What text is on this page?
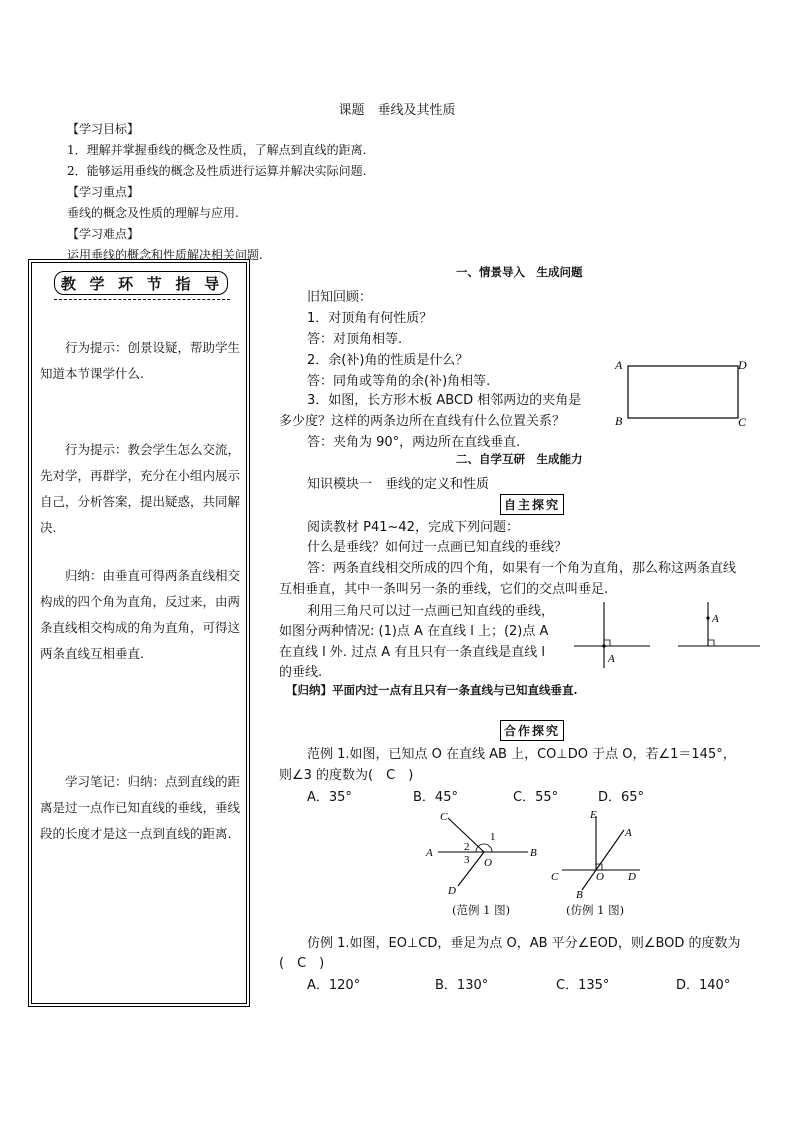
课题　垂线及其性质
【学习目标】
1．理解并掌握垂线的概念及性质，了解点到直线的距离.
2．能够运用垂线的概念及性质进行运算并解决实际问题.
【学习重点】
垂线的概念及性质的理解与应用.
【学习难点】
运用垂线的概念和性质解决相关问题.
教 学 环 节 指 导
行为提示：创景设疑，帮助学生知道本节课学什么.
行为提示：教会学生怎么交流，先对学，再群学，充分在小组内展示自己，分析答案，提出疑惑，共同解决.
归纳：由垂直可得两条直线相交构成的四个角为直角，反过来，由两条直线相交构成的角为直角，可得这两条直线互相垂直.
学习笔记：归纳：点到直线的距离是过一点作已知直线的垂线，垂线段的长度才是这一点到直线的距离.
一、情景导入　生成问题
旧知回顾：
1．对顶角有何性质？
答：对顶角相等.
2．余(补)角的性质是什么？
答：同角或等角的余(补)角相等.
3．如图，长方形木板 ABCD 相邻两边的夹角是
多少度？这样的两条边所在直线有什么位置关系？
答：夹角为 90°，两边所在直线垂直.
A
B	C
D
二、自学互研　生成能力
知识模块一　垂线的定义和性质
自主探究
阅读教材 P41~42，完成下列问题：
什么是垂线？如何过一点画已知直线的垂线？
答：两条直线相交所成的四个角，如果有一个角为直角，那么称这两条直线
互相垂直，其中一条叫另一条的垂线，它们的交点叫垂足.
利用三角尺可以过一点画已知直线的垂线，
如图分两种情况: (1)点 A 在直线 l 上；(2)点 A
在直线 l 外. 过点 A 有且只有一条直线是直线 l
的垂线.
A
A
【归纳】平面内过一点有且只有一条直线与已知直线垂直.
合作探究
范例 1.如图，已知点 O 在直线 AB 上，CO⊥DO 于点 O，若∠1＝145°，
则∠3 的度数为(　C　)
A．35°	B．45°	C．55°	D．65°
C
A	B
D
O
1
2
3
(范例 1 图)
E
A
C	O D
B
(仿例 1 图)
仿例 1.如图，EO⊥CD，垂足为点 O，AB 平分∠EOD，则∠BOD 的度数为
(　C　)
A．120°	B．130°	C．135°	D．140°
